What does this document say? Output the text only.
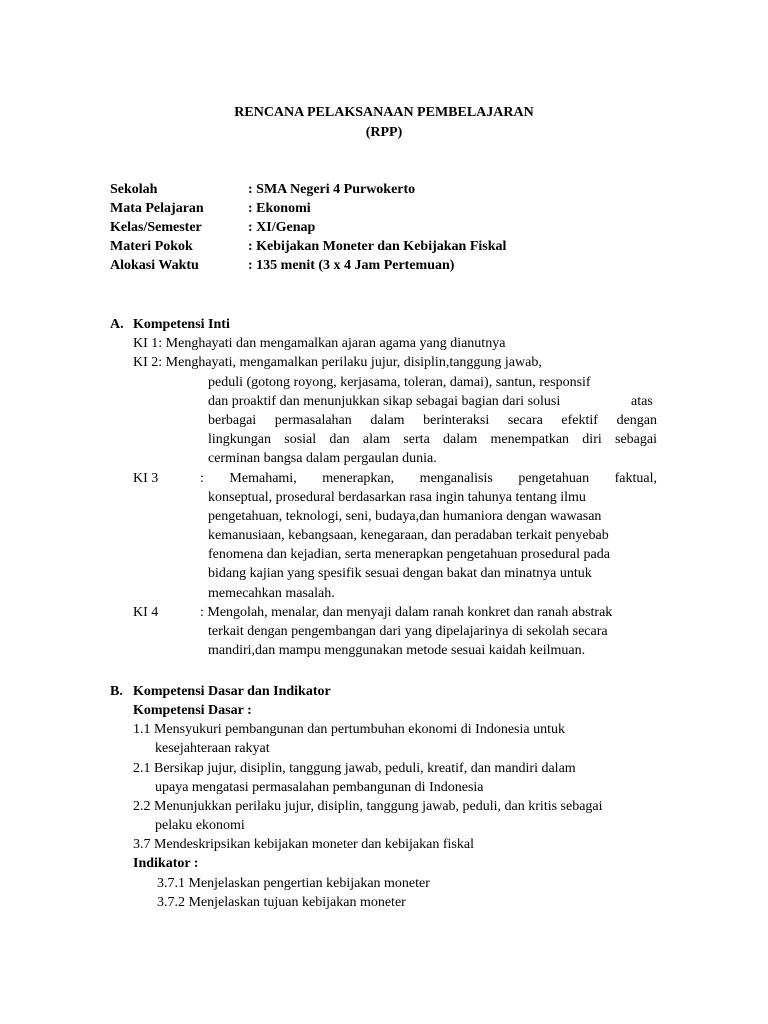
RENCANA PELAKSANAAN PEMBELAJARAN
(RPP)
Sekolah	: SMA Negeri 4 Purwokerto
Mata Pelajaran	: Ekonomi
Kelas/Semester	: XI/Genap
Materi Pokok	: Kebijakan Moneter dan Kebijakan Fiskal
Alokasi Waktu	: 135 menit (3 x 4 Jam Pertemuan)
A. Kompetensi Inti
KI 1: Menghayati dan mengamalkan ajaran agama yang dianutnya
KI 2: Menghayati, mengamalkan perilaku jujur, disiplin,tanggung jawab,
peduli (gotong royong, kerjasama, toleran, damai), santun, responsif
dan proaktif dan menunjukkan sikap sebagai bagian dari solusi	atas
berbagai permasalahan dalam berinteraksi secara efektif dengan
lingkungan sosial dan alam serta dalam menempatkan diri sebagai
cerminan bangsa dalam pergaulan dunia.
KI 3	: Memahami, menerapkan, menganalisis pengetahuan faktual,
konseptual, prosedural berdasarkan rasa ingin tahunya tentang ilmu
pengetahuan, teknologi, seni, budaya,dan humaniora dengan wawasan
kemanusiaan, kebangsaan, kenegaraan, dan peradaban terkait penyebab
fenomena dan kejadian, serta menerapkan pengetahuan prosedural pada
bidang kajian yang spesifik sesuai dengan bakat dan minatnya untuk
memecahkan masalah.
KI 4	: Mengolah, menalar, dan menyaji dalam ranah konkret dan ranah abstrak
terkait dengan pengembangan dari yang dipelajarinya di sekolah secara
mandiri,dan mampu menggunakan metode sesuai kaidah keilmuan.
B. Kompetensi Dasar dan Indikator
Kompetensi Dasar :
1.1 Mensyukuri pembangunan dan pertumbuhan ekonomi di Indonesia untuk
kesejahteraan rakyat
2.1 Bersikap jujur, disiplin, tanggung jawab, peduli, kreatif, dan mandiri dalam
upaya mengatasi permasalahan pembangunan di Indonesia
2.2 Menunjukkan perilaku jujur, disiplin, tanggung jawab, peduli, dan kritis sebagai
pelaku ekonomi
3.7 Mendeskripsikan kebijakan moneter dan kebijakan fiskal
Indikator :
3.7.1 Menjelaskan pengertian kebijakan moneter
3.7.2 Menjelaskan tujuan kebijakan moneter
